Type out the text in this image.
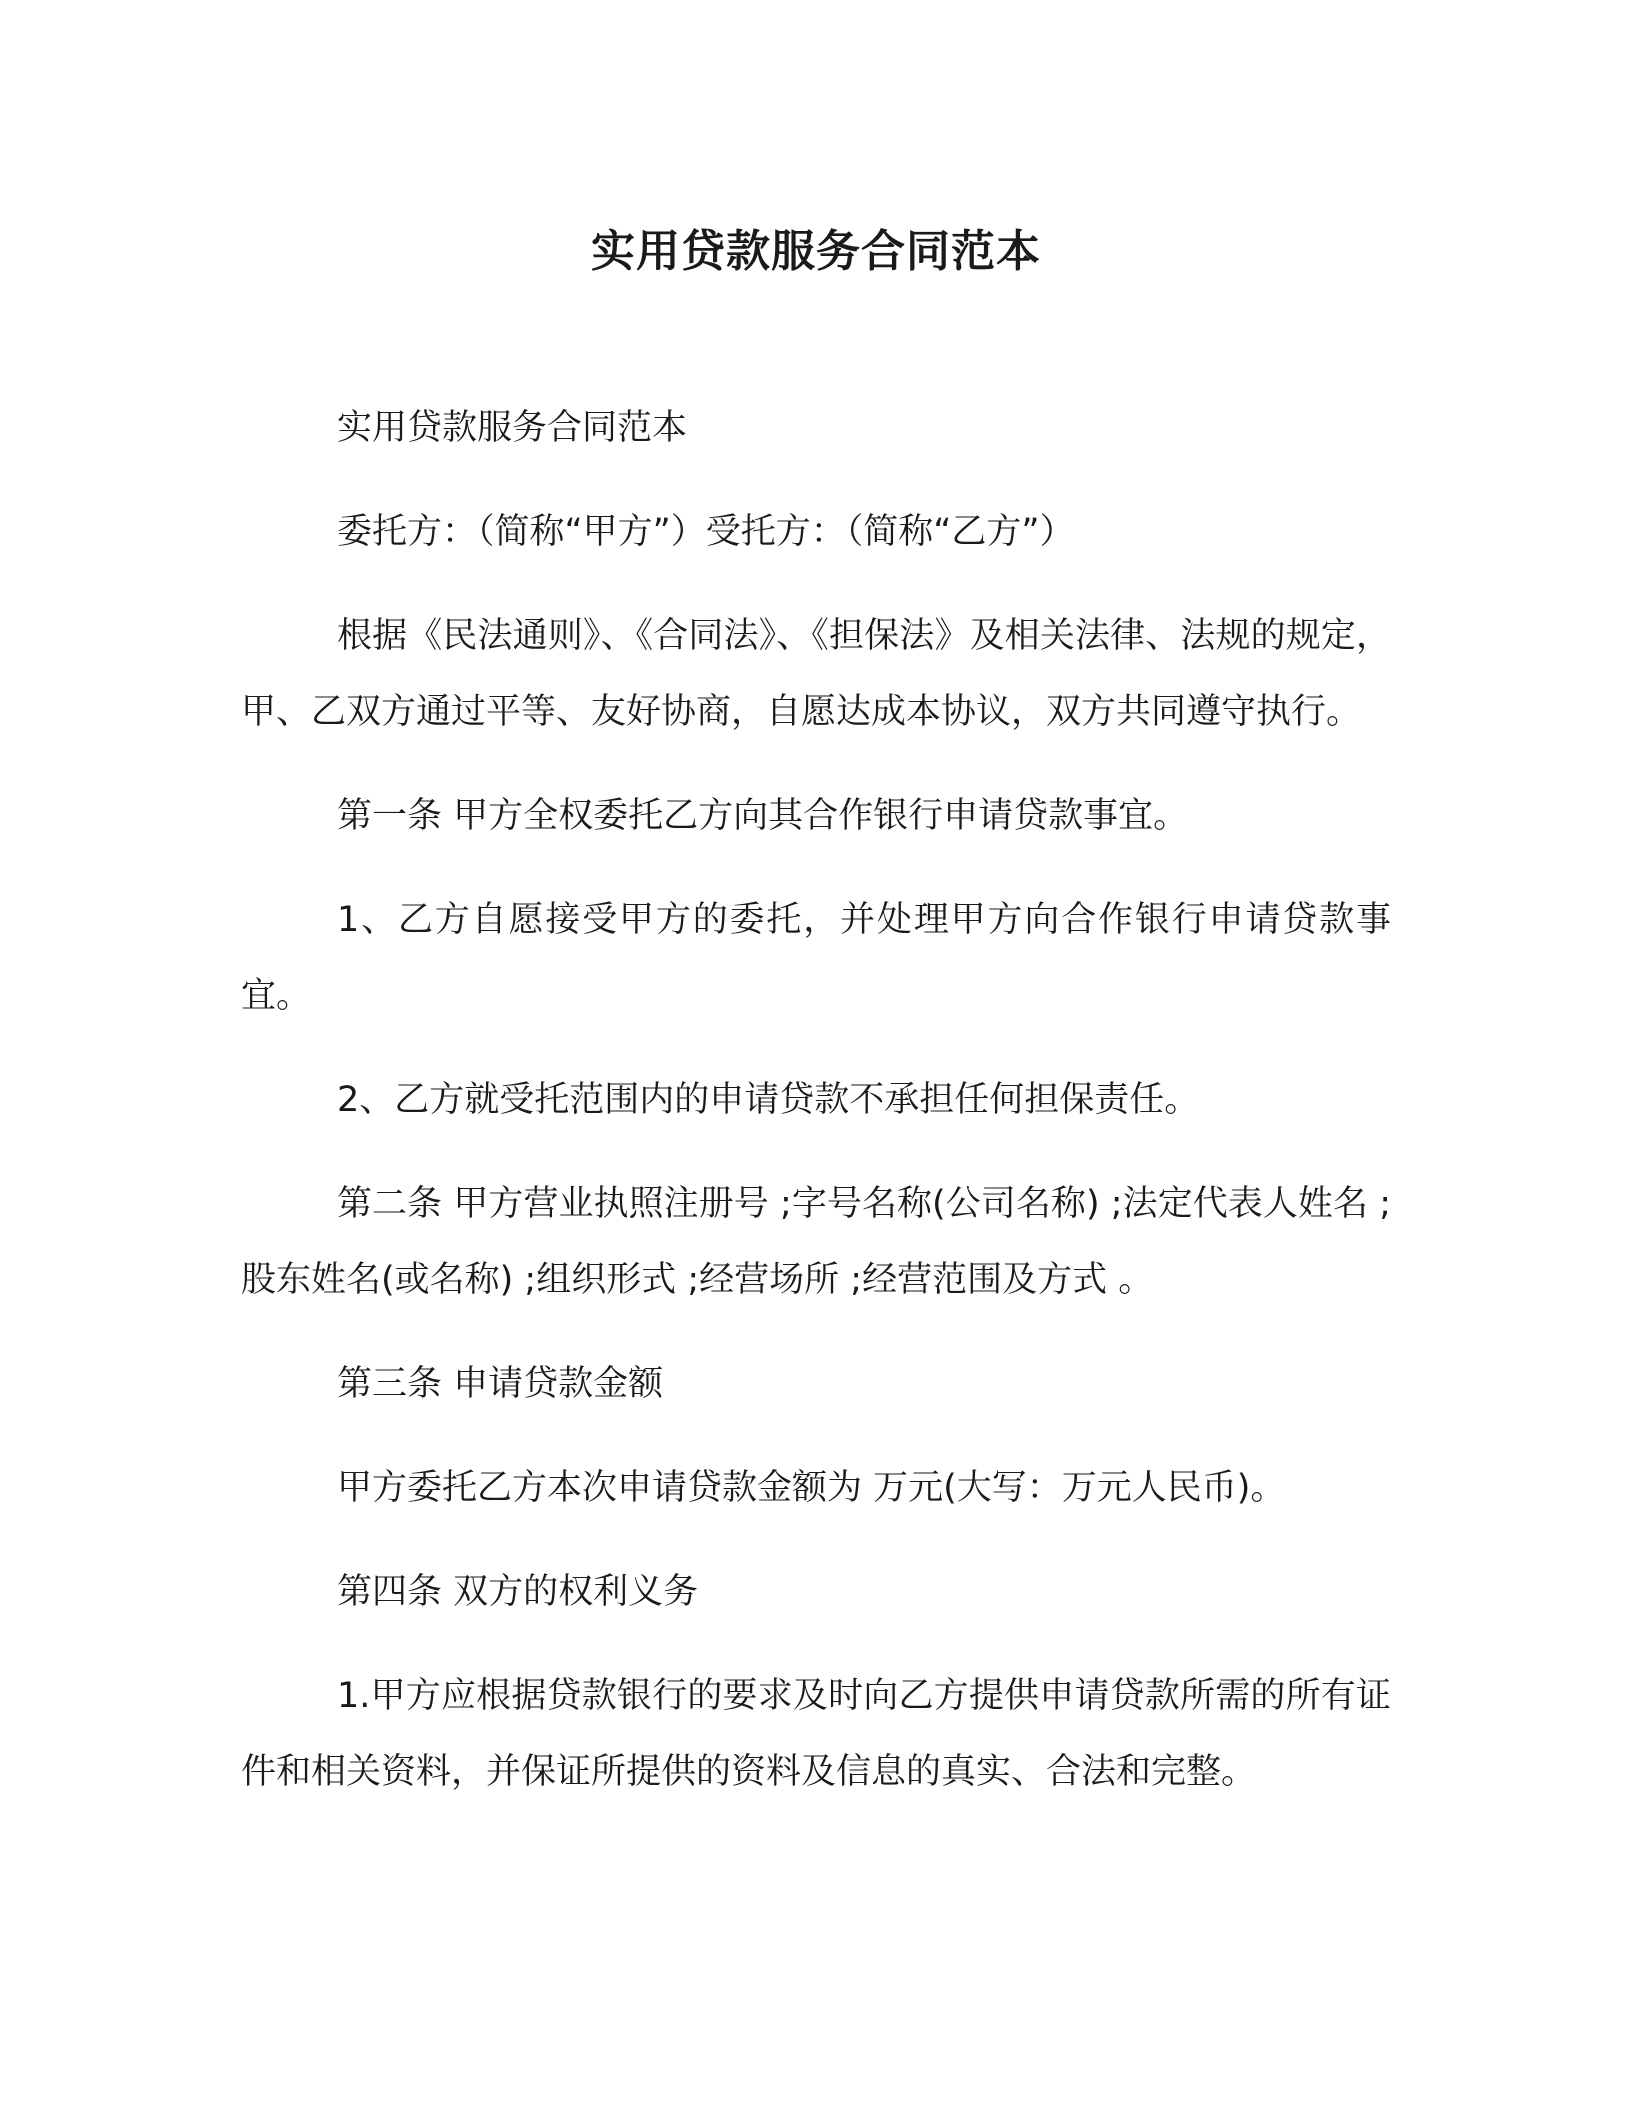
实用贷款服务合同范本

实用贷款服务合同范本

委托方：（简称“甲方”）受托方：（简称“乙方”）

根据《民法通则》、《合同法》、《担保法》及相关法律、法规的规定，甲、乙双方通过平等、友好协商，自愿达成本协议，双方共同遵守执行。

第一条 甲方全权委托乙方向其合作银行申请贷款事宜。

1、乙方自愿接受甲方的委托，并处理甲方向合作银行申请贷款事宜。

2、乙方就受托范围内的申请贷款不承担任何担保责任。

第二条 甲方营业执照注册号 ;字号名称(公司名称) ;法定代表人姓名 ;股东姓名(或名称) ;组织形式 ;经营场所 ;经营范围及方式 。

第三条 申请贷款金额

甲方委托乙方本次申请贷款金额为 万元(大写：万元人民币)。

第四条 双方的权利义务

1.甲方应根据贷款银行的要求及时向乙方提供申请贷款所需的所有证件和相关资料，并保证所提供的资料及信息的真实、合法和完整。
